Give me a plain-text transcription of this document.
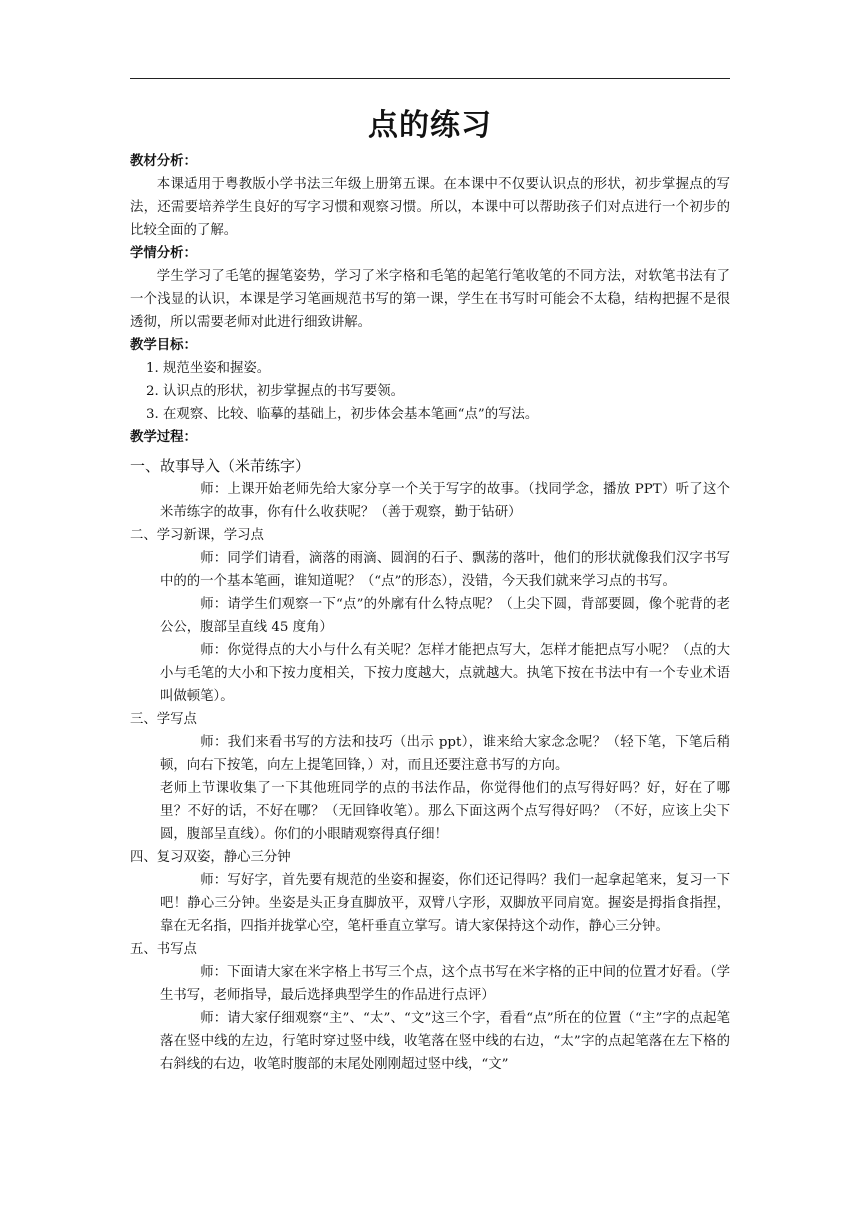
点的练习

教材分析：

本课适用于粤教版小学书法三年级上册第五课。在本课中不仅要认识点的形状，初步掌握点的写法，还需要培养学生良好的写字习惯和观察习惯。所以，本课中可以帮助孩子们对点进行一个初步的比较全面的了解。

学情分析：

学生学习了毛笔的握笔姿势，学习了米字格和毛笔的起笔行笔收笔的不同方法，对软笔书法有了一个浅显的认识，本课是学习笔画规范书写的第一课，学生在书写时可能会不太稳，结构把握不是很透彻，所以需要老师对此进行细致讲解。

教学目标：

1. 规范坐姿和握姿。

2. 认识点的形状，初步掌握点的书写要领。

3. 在观察、比较、临摹的基础上，初步体会基本笔画“点”的写法。

教学过程：

一、故事导入（米芾练字）

师：上课开始老师先给大家分享一个关于写字的故事。（找同学念，播放 PPT）听了这个米芾练字的故事，你有什么收获呢？（善于观察，勤于钻研）

二、学习新课，学习点

师：同学们请看，滴落的雨滴、圆润的石子、飘荡的落叶，他们的形状就像我们汉字书写中的的一个基本笔画，谁知道呢？（“点”的形态），没错，今天我们就来学习点的书写。

师：请学生们观察一下“点”的外廓有什么特点呢？（上尖下圆，背部要圆，像个驼背的老公公，腹部呈直线 45 度角）

师：你觉得点的大小与什么有关呢？怎样才能把点写大，怎样才能把点写小呢？（点的大小与毛笔的大小和下按力度相关，下按力度越大，点就越大。执笔下按在书法中有一个专业术语叫做顿笔）。

三、学写点

师：我们来看书写的方法和技巧（出示 ppt），谁来给大家念念呢？（轻下笔，下笔后稍顿，向右下按笔，向左上提笔回锋，）对，而且还要注意书写的方向。

老师上节课收集了一下其他班同学的点的书法作品，你觉得他们的点写得好吗？好，好在了哪里？不好的话，不好在哪？（无回锋收笔）。那么下面这两个点写得好吗？（不好，应该上尖下圆，腹部呈直线）。你们的小眼睛观察得真仔细！

四、复习双姿，静心三分钟

师：写好字，首先要有规范的坐姿和握姿，你们还记得吗？我们一起拿起笔来，复习一下吧！静心三分钟。坐姿是头正身直脚放平，双臂八字形，双脚放平同肩宽。握姿是拇指食指捏，靠在无名指，四指并拢掌心空，笔杆垂直立掌写。请大家保持这个动作，静心三分钟。

五、书写点

师：下面请大家在米字格上书写三个点，这个点书写在米字格的正中间的位置才好看。（学生书写，老师指导，最后选择典型学生的作品进行点评）

师：请大家仔细观察“主”、“太”、“文”这三个字，看看“点”所在的位置（“主”字的点起笔落在竖中线的左边，行笔时穿过竖中线，收笔落在竖中线的右边，“太”字的点起笔落在左下格的右斜线的右边，收笔时腹部的末尾处刚刚超过竖中线，“文”
